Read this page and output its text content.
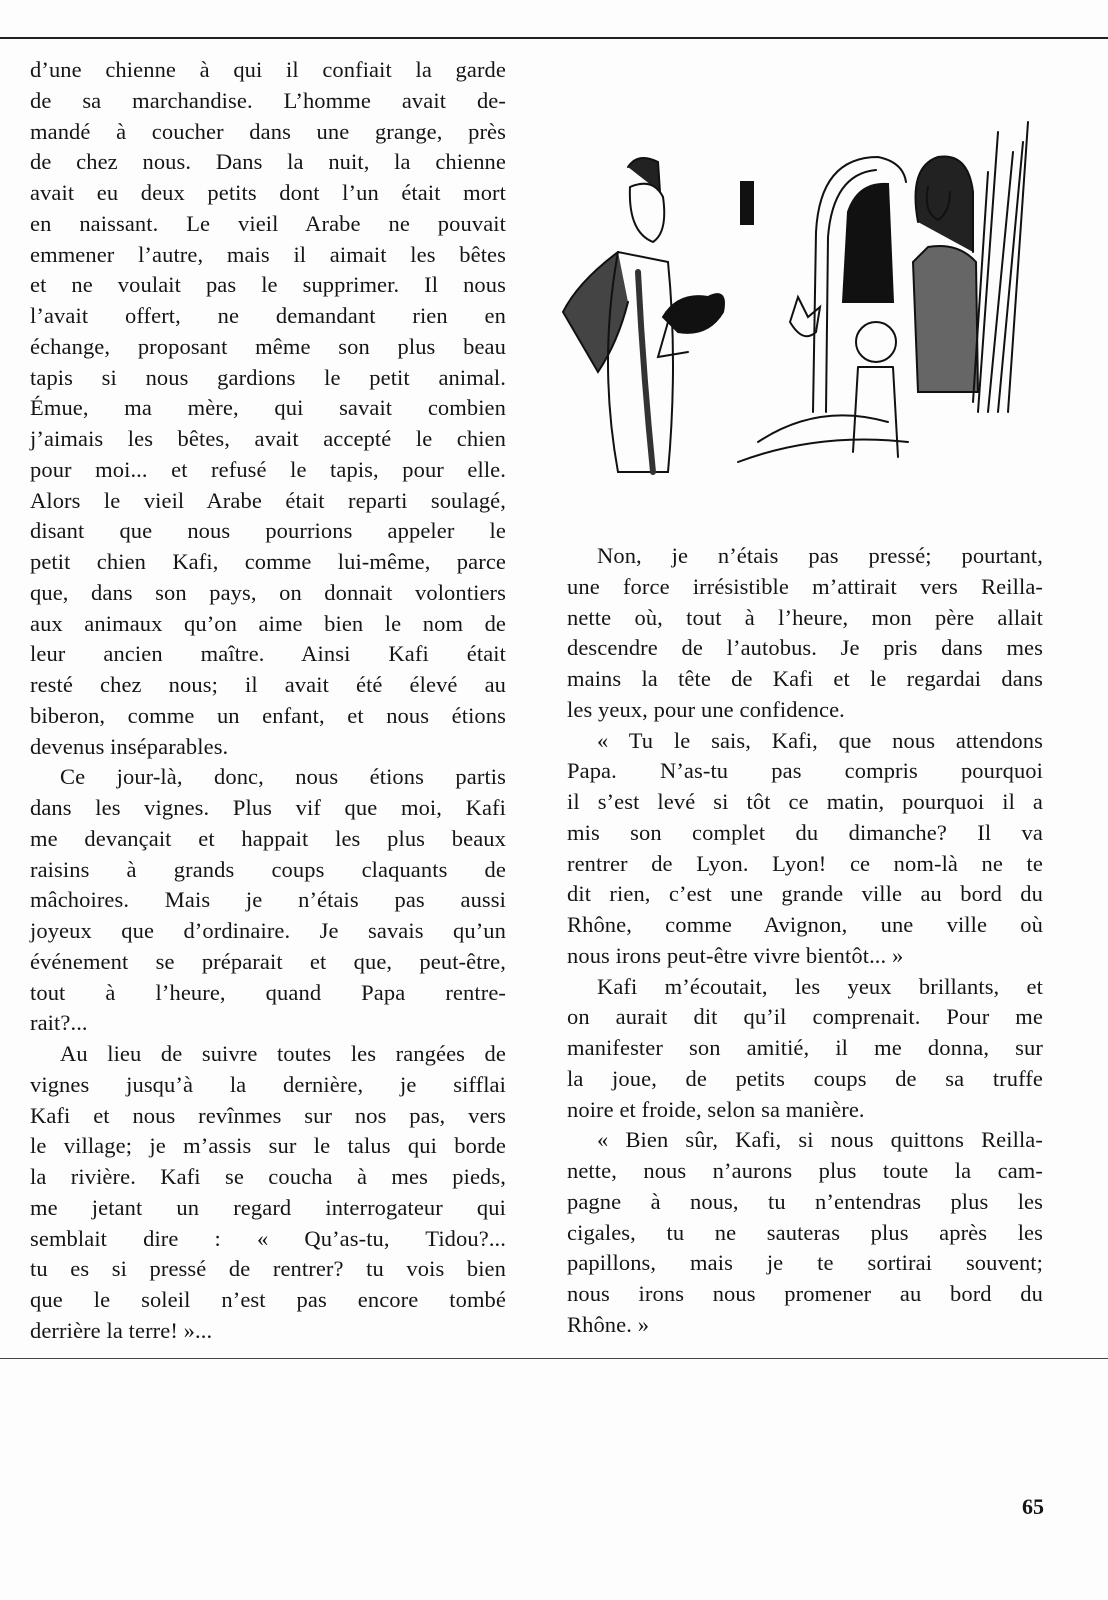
d’une chienne à qui il confiait la garde
de sa marchandise. L’homme avait de-
mandé à coucher dans une grange, près
de chez nous. Dans la nuit, la chienne
avait eu deux petits dont l’un était mort
en naissant. Le vieil Arabe ne pouvait
emmener l’autre, mais il aimait les bêtes
et ne voulait pas le supprimer. Il nous
l’avait offert, ne demandant rien en
échange, proposant même son plus beau
tapis si nous gardions le petit animal.
Émue, ma mère, qui savait combien
j’aimais les bêtes, avait accepté le chien
pour moi... et refusé le tapis, pour elle.
Alors le vieil Arabe était reparti soulagé,
disant que nous pourrions appeler le
petit chien Kafi, comme lui-même, parce
que, dans son pays, on donnait volontiers
aux animaux qu’on aime bien le nom de
leur ancien maître. Ainsi Kafi était
resté chez nous; il avait été élevé au
biberon, comme un enfant, et nous étions
devenus inséparables.
Ce jour-là, donc, nous étions partis
dans les vignes. Plus vif que moi, Kafi
me devançait et happait les plus beaux
raisins à grands coups claquants de
mâchoires. Mais je n’étais pas aussi
joyeux que d’ordinaire. Je savais qu’un
événement se préparait et que, peut-être,
tout à l’heure, quand Papa rentre-
rait?...
Au lieu de suivre toutes les rangées de
vignes jusqu’à la dernière, je sifflai
Kafi et nous revînmes sur nos pas, vers
le village; je m’assis sur le talus qui borde
la rivière. Kafi se coucha à mes pieds,
me jetant un regard interrogateur qui
semblait dire : « Qu’as-tu, Tidou?...
tu es si pressé de rentrer? tu vois bien
que le soleil n’est pas encore tombé
derrière la terre! »...
Non, je n’étais pas pressé; pourtant,
une force irrésistible m’attirait vers Reilla-
nette où, tout à l’heure, mon père allait
descendre de l’autobus. Je pris dans mes
mains la tête de Kafi et le regardai dans
les yeux, pour une confidence.
« Tu le sais, Kafi, que nous attendons
Papa. N’as-tu pas compris pourquoi
il s’est levé si tôt ce matin, pourquoi il a
mis son complet du dimanche? Il va
rentrer de Lyon. Lyon! ce nom-là ne te
dit rien, c’est une grande ville au bord du
Rhône, comme Avignon, une ville où
nous irons peut-être vivre bientôt... »
Kafi m’écoutait, les yeux brillants, et
on aurait dit qu’il comprenait. Pour me
manifester son amitié, il me donna, sur
la joue, de petits coups de sa truffe
noire et froide, selon sa manière.
« Bien sûr, Kafi, si nous quittons Reilla-
nette, nous n’aurons plus toute la cam-
pagne à nous, tu n’entendras plus les
cigales, tu ne sauteras plus après les
papillons, mais je te sortirai souvent;
nous irons nous promener au bord du
Rhône. »
65
